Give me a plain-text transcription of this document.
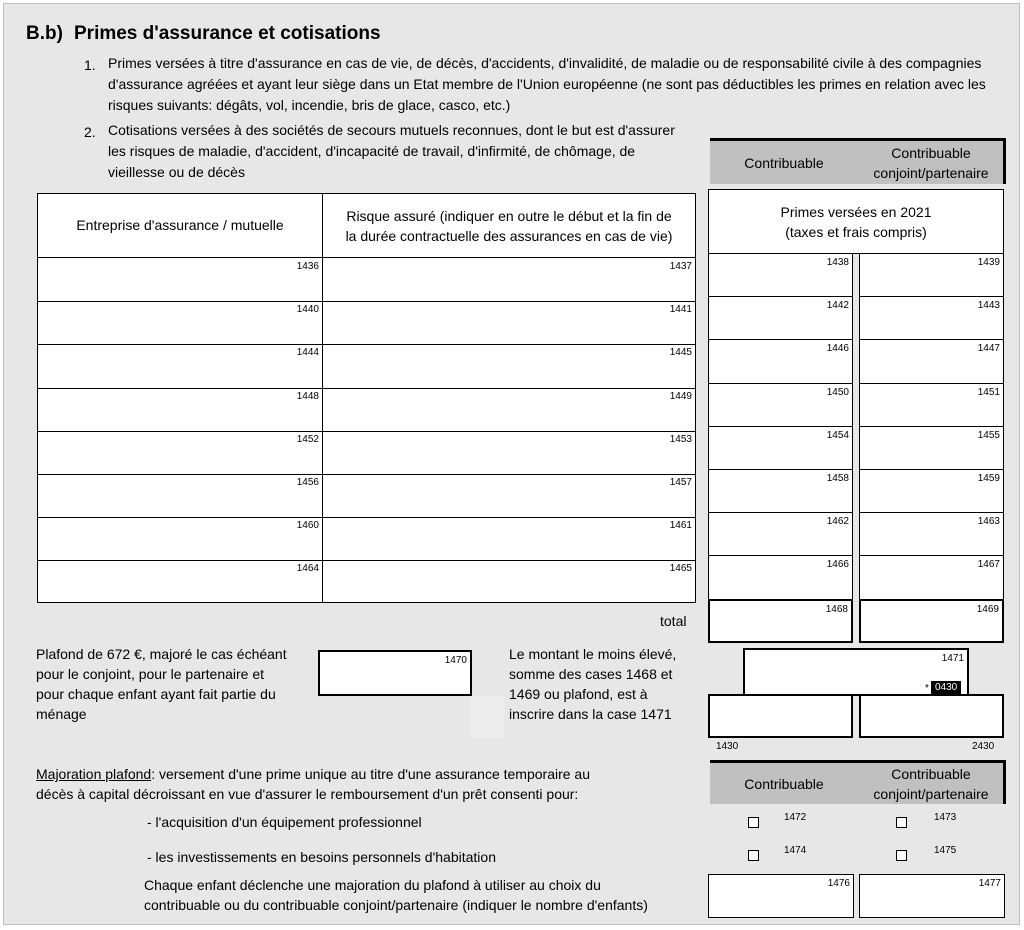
B.b) Primes d'assurance et cotisations
1. Primes versées à titre d'assurance en cas de vie, de décès, d'accidents, d'invalidité, de maladie ou de responsabilité civile à des compagnies d'assurance agréées et ayant leur siège dans un Etat membre de l'Union européenne (ne sont pas déductibles les primes en relation avec les risques suivants: dégâts, vol, incendie, bris de glace, casco, etc.)
2. Cotisations versées à des sociétés de secours mutuels reconnues, dont le but est d'assurer les risques de maladie, d'accident, d'incapacité de travail, d'infirmité, de chômage, de vieillesse ou de décès
Contribuable
Contribuable
conjoint/partenaire
Entreprise d'assurance / mutuelle
Risque assuré (indiquer en outre le début et la fin de
la durée contractuelle des assurances en cas de vie)
1436	1437
1440	1441
1444	1445
1448	1449
1452	1453
1456	1457
1460	1461
1464	1465
Primes versées en 2021
(taxes et frais compris)
1438	1439
1442	1443
1446	1447
1450	1451
1454	1455
1458	1459
1462	1463
1466	1467
total
1468	1469
Plafond de 672 €, majoré le cas échéant
pour le conjoint, pour le partenaire et
pour chaque enfant ayant fait partie du
ménage
1470	Le montant le moins élevé,
somme des cases 1468 et
1469 ou plafond, est à
inscrire dans la case 1471
1471
* 0430
1430	2430
Majoration plafond: versement d'une prime unique au titre d'une assurance temporaire au
décès à capital décroissant en vue d'assurer le remboursement d'un prêt consenti pour:
Contribuable
Contribuable
conjoint/partenaire
- l'acquisition d'un équipement professionnel
- les investissements en besoins personnels d'habitation
1472	1473
1474	1475
Chaque enfant déclenche une majoration du plafond à utiliser au choix du
contribuable ou du contribuable conjoint/partenaire (indiquer le nombre d'enfants)
1476	1477
